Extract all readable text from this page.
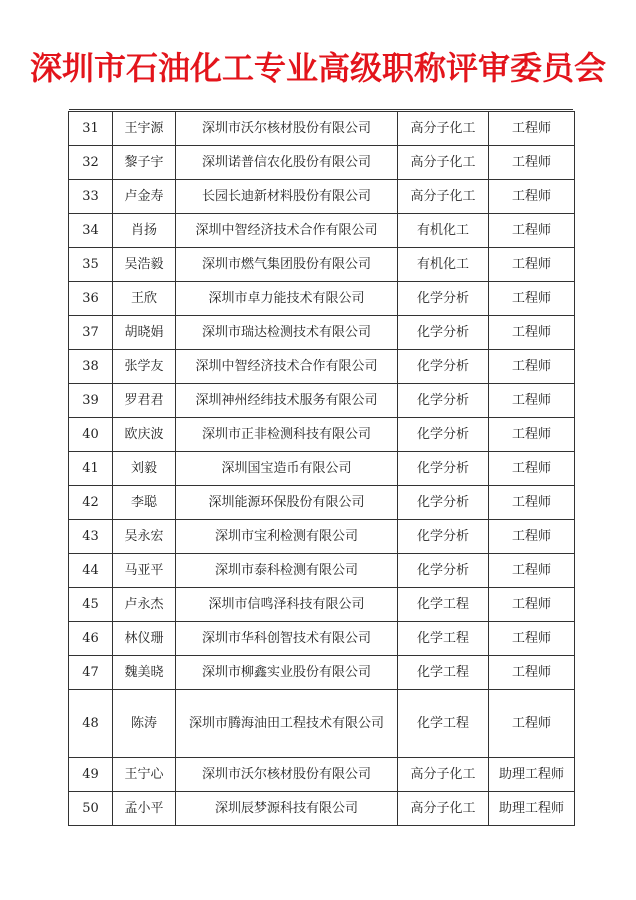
深圳市石油化工专业高级职称评审委员会
31	王宇源	深圳市沃尔核材股份有限公司	高分子化工	工程师
32	黎子宇	深圳诺普信农化股份有限公司	高分子化工	工程师
33	卢金寿	长园长迪新材料股份有限公司	高分子化工	工程师
34	肖扬	深圳中智经济技术合作有限公司	有机化工	工程师
35	吴浩毅	深圳市燃气集团股份有限公司	有机化工	工程师
36	王欣	深圳市卓力能技术有限公司	化学分析	工程师
37	胡晓娟	深圳市瑞达检测技术有限公司	化学分析	工程师
38	张学友	深圳中智经济技术合作有限公司	化学分析	工程师
39	罗君君	深圳神州经纬技术服务有限公司	化学分析	工程师
40	欧庆波	深圳市正非检测科技有限公司	化学分析	工程师
41	刘毅	深圳国宝造币有限公司	化学分析	工程师
42	李聪	深圳能源环保股份有限公司	化学分析	工程师
43	吴永宏	深圳市宝利检测有限公司	化学分析	工程师
44	马亚平	深圳市泰科检测有限公司	化学分析	工程师
45	卢永杰	深圳市信鸣泽科技有限公司	化学工程	工程师
46	林仪珊	深圳市华科创智技术有限公司	化学工程	工程师
47	魏美晓	深圳市柳鑫实业股份有限公司	化学工程	工程师
48	陈涛	深圳市腾海油田工程技术有限公司	化学工程	工程师
49	王宁心	深圳市沃尔核材股份有限公司	高分子化工	助理工程师
50	孟小平	深圳辰梦源科技有限公司	高分子化工	助理工程师
